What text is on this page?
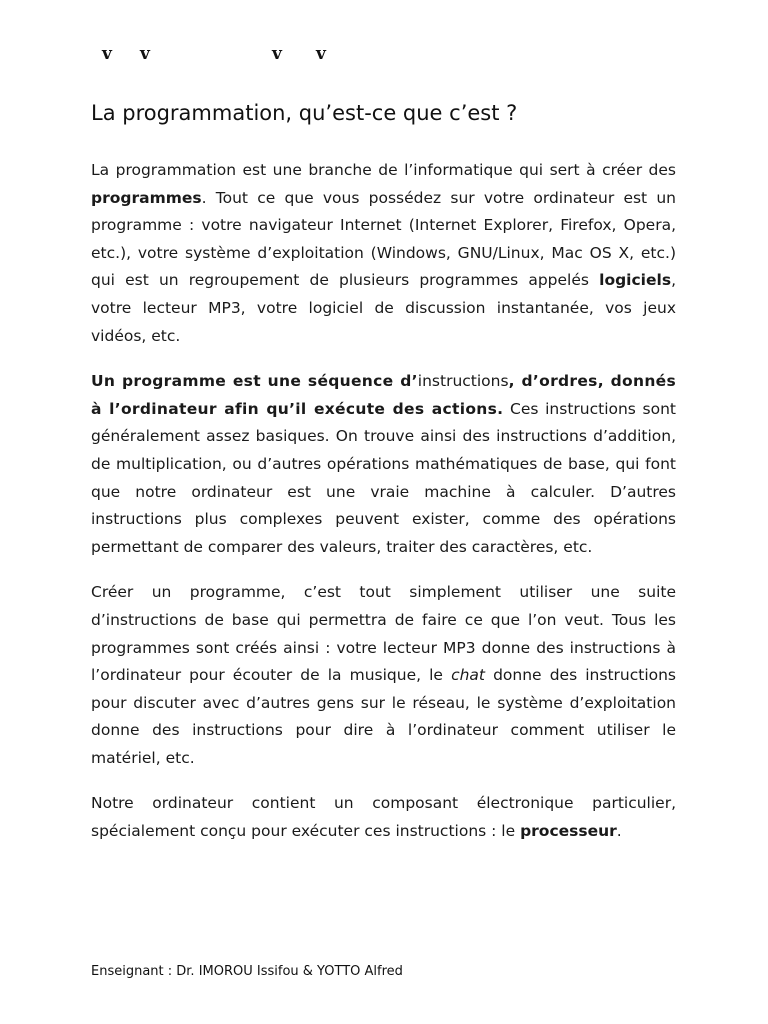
v v	v v
La programmation, qu’est-ce que c’est ?

La programmation est une branche de l’informatique qui sert à créer des programmes. Tout ce que vous possédez sur votre ordinateur est un programme : votre navigateur Internet (Internet Explorer, Firefox, Opera, etc.), votre système d’exploitation (Windows, GNU/Linux, Mac OS X, etc.) qui est un regroupement de plusieurs programmes appelés logiciels, votre lecteur MP3, votre logiciel de discussion instantanée, vos jeux vidéos, etc.

Un programme est une séquence d’instructions, d’ordres, donnés à l’ordinateur afin qu’il exécute des actions. Ces instructions sont généralement assez basiques. On trouve ainsi des instructions d’addition, de multiplication, ou d’autres opérations mathématiques de base, qui font que notre ordinateur est une vraie machine à calculer. D’autres instructions plus complexes peuvent exister, comme des opérations permettant de comparer des valeurs, traiter des caractères, etc.

Créer un programme, c’est tout simplement utiliser une suite d’instructions de base qui permettra de faire ce que l’on veut. Tous les programmes sont créés ainsi : votre lecteur MP3 donne des instructions à l’ordinateur pour écouter de la musique, le chat donne des instructions pour discuter avec d’autres gens sur le réseau, le système d’exploitation donne des instructions pour dire à l’ordinateur comment utiliser le matériel, etc.

Notre ordinateur contient un composant électronique particulier, spécialement conçu pour exécuter ces instructions : le processeur.

Enseignant : Dr. IMOROU Issifou & YOTTO Alfred
